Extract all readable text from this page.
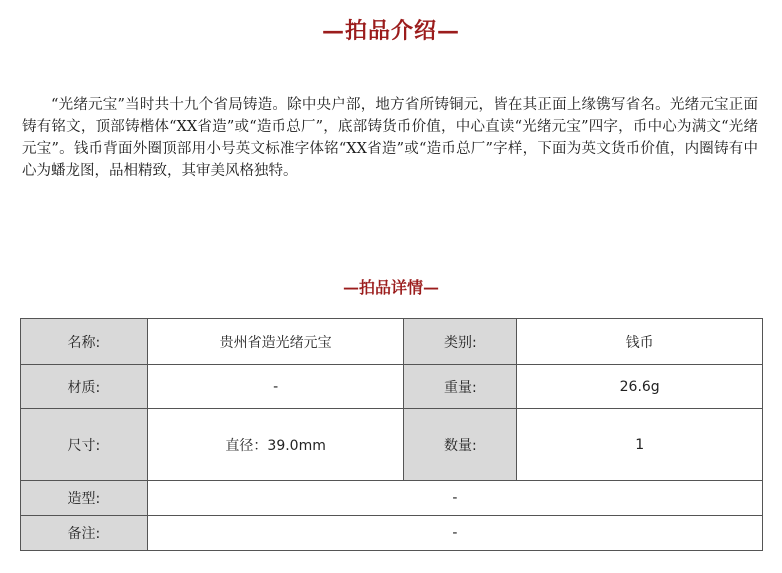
—拍品介绍—

“光绪元宝”当时共十九个省局铸造。除中央户部，地方省所铸铜元，皆在其正面上缘镌写省名。光绪元宝正面铸有铭文，顶部铸楷体“XX省造”或“造币总厂”，底部铸货币价值，中心直读“光绪元宝”四字，币中心为满文“光绪元宝”。钱币背面外圈顶部用小号英文标准字体铭“XX省造”或“造币总厂”字样，下面为英文货币价值，内圈铸有中心为蟠龙图，品相精致，其审美风格独特。

—拍品详情—
名称:	贵州省造光绪元宝	类别:	钱币
材质:	-	重量:	26.6g
尺寸:	直径：39.0mm	数量:	1
造型:	-		
备注:	-		
